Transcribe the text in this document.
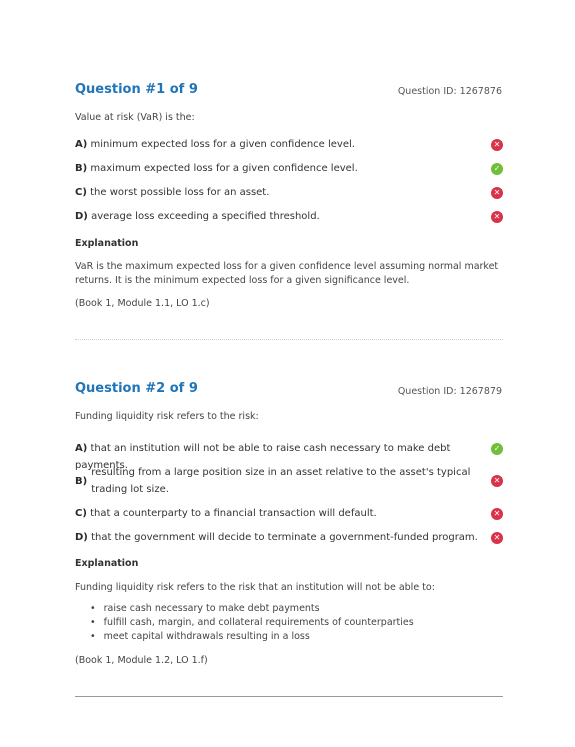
Question #1 of 9	Question ID: 1267876
Value at risk (VaR) is the:
A) minimum expected loss for a given confidence level.	✕
B) maximum expected loss for a given confidence level.	✓
C) the worst possible loss for an asset.	✕
D) average loss exceeding a specified threshold.	✕
Explanation
VaR is the maximum expected loss for a given confidence level assuming normal market returns. It is the minimum expected loss for a given significance level.
(Book 1, Module 1.1, LO 1.c)
Question #2 of 9	Question ID: 1267879
Funding liquidity risk refers to the risk:
A) that an institution will not be able to raise cash necessary to make debt payments.
✓
B)
resulting from a large position size in an asset relative to the asset's typical trading lot size.
✕
C) that a counterparty to a financial transaction will default.	✕
D) that the government will decide to terminate a government-funded program.	✕
Explanation
Funding liquidity risk refers to the risk that an institution will not be able to:
• raise cash necessary to make debt payments
• fulfill cash, margin, and collateral requirements of counterparties
• meet capital withdrawals resulting in a loss
(Book 1, Module 1.2, LO 1.f)
